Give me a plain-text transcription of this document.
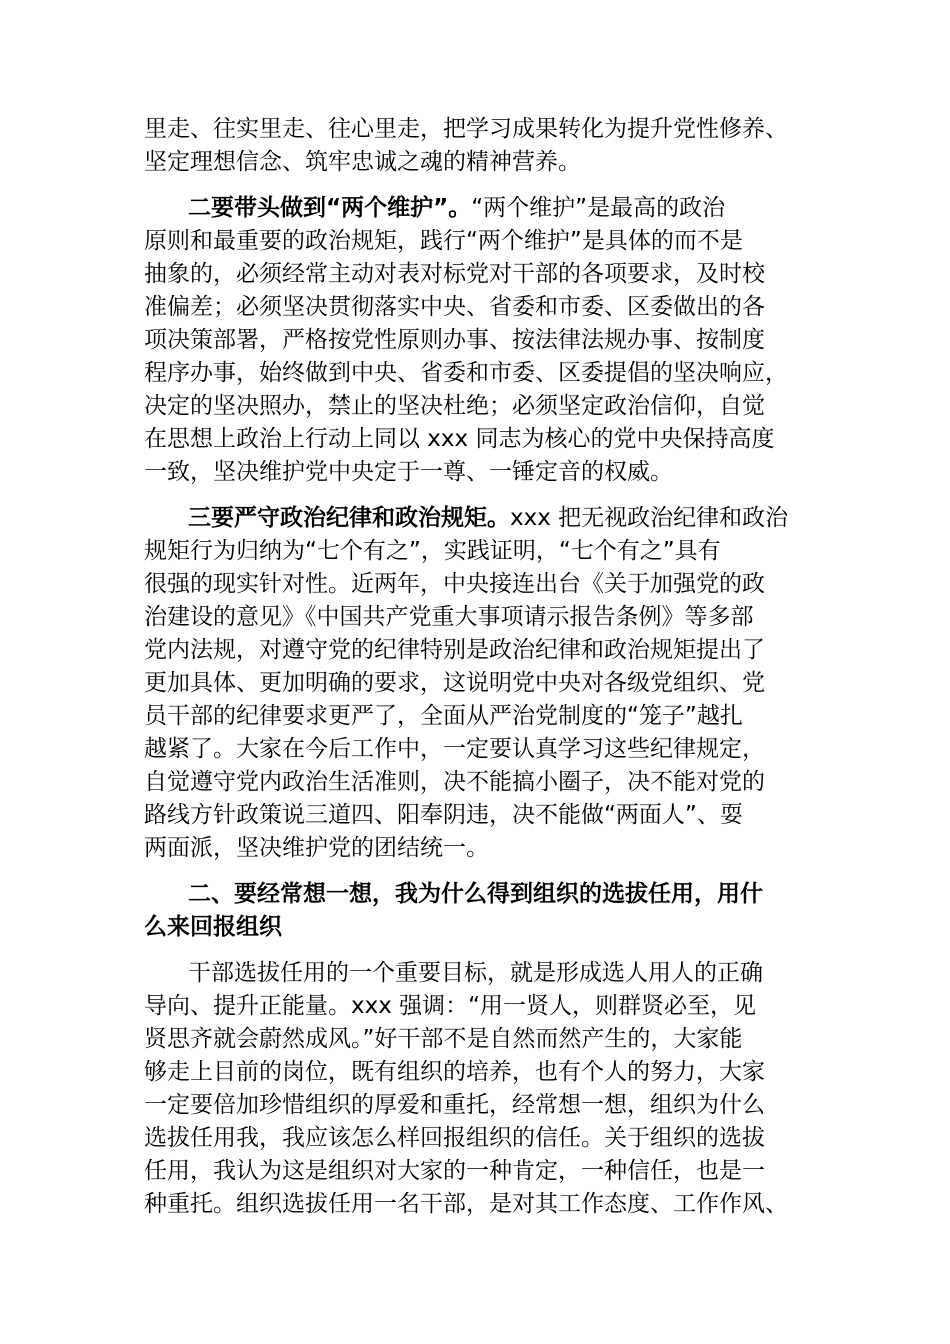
里走、往实里走、往心里走，把学习成果转化为提升党性修养、
坚定理想信念、筑牢忠诚之魂的精神营养。
二要带头做到“两个维护”。“两个维护”是最高的政治
原则和最重要的政治规矩，践行“两个维护”是具体的而不是
抽象的，必须经常主动对表对标党对干部的各项要求，及时校
准偏差；必须坚决贯彻落实中央、省委和市委、区委做出的各
项决策部署，严格按党性原则办事、按法律法规办事、按制度
程序办事，始终做到中央、省委和市委、区委提倡的坚决响应，
决定的坚决照办，禁止的坚决杜绝；必须坚定政治信仰，自觉
在思想上政治上行动上同以 xxx 同志为核心的党中央保持高度
一致，坚决维护党中央定于一尊、一锤定音的权威。
三要严守政治纪律和政治规矩。xxx 把无视政治纪律和政治
规矩行为归纳为“七个有之”，实践证明，“七个有之”具有
很强的现实针对性。近两年，中央接连出台《关于加强党的政
治建设的意见》《中国共产党重大事项请示报告条例》等多部
党内法规，对遵守党的纪律特别是政治纪律和政治规矩提出了
更加具体、更加明确的要求，这说明党中央对各级党组织、党
员干部的纪律要求更严了，全面从严治党制度的“笼子”越扎
越紧了。大家在今后工作中，一定要认真学习这些纪律规定，
自觉遵守党内政治生活准则，决不能搞小圈子，决不能对党的
路线方针政策说三道四、阳奉阴违，决不能做“两面人”、耍
两面派，坚决维护党的团结统一。
二、要经常想一想，我为什么得到组织的选拔任用，用什
么来回报组织
干部选拔任用的一个重要目标，就是形成选人用人的正确
导向、提升正能量。xxx 强调：“用一贤人，则群贤必至，见
贤思齐就会蔚然成风。”好干部不是自然而然产生的，大家能
够走上目前的岗位，既有组织的培养，也有个人的努力，大家
一定要倍加珍惜组织的厚爱和重托，经常想一想，组织为什么
选拔任用我，我应该怎么样回报组织的信任。关于组织的选拔
任用，我认为这是组织对大家的一种肯定，一种信任，也是一
种重托。组织选拔任用一名干部，是对其工作态度、工作作风、
